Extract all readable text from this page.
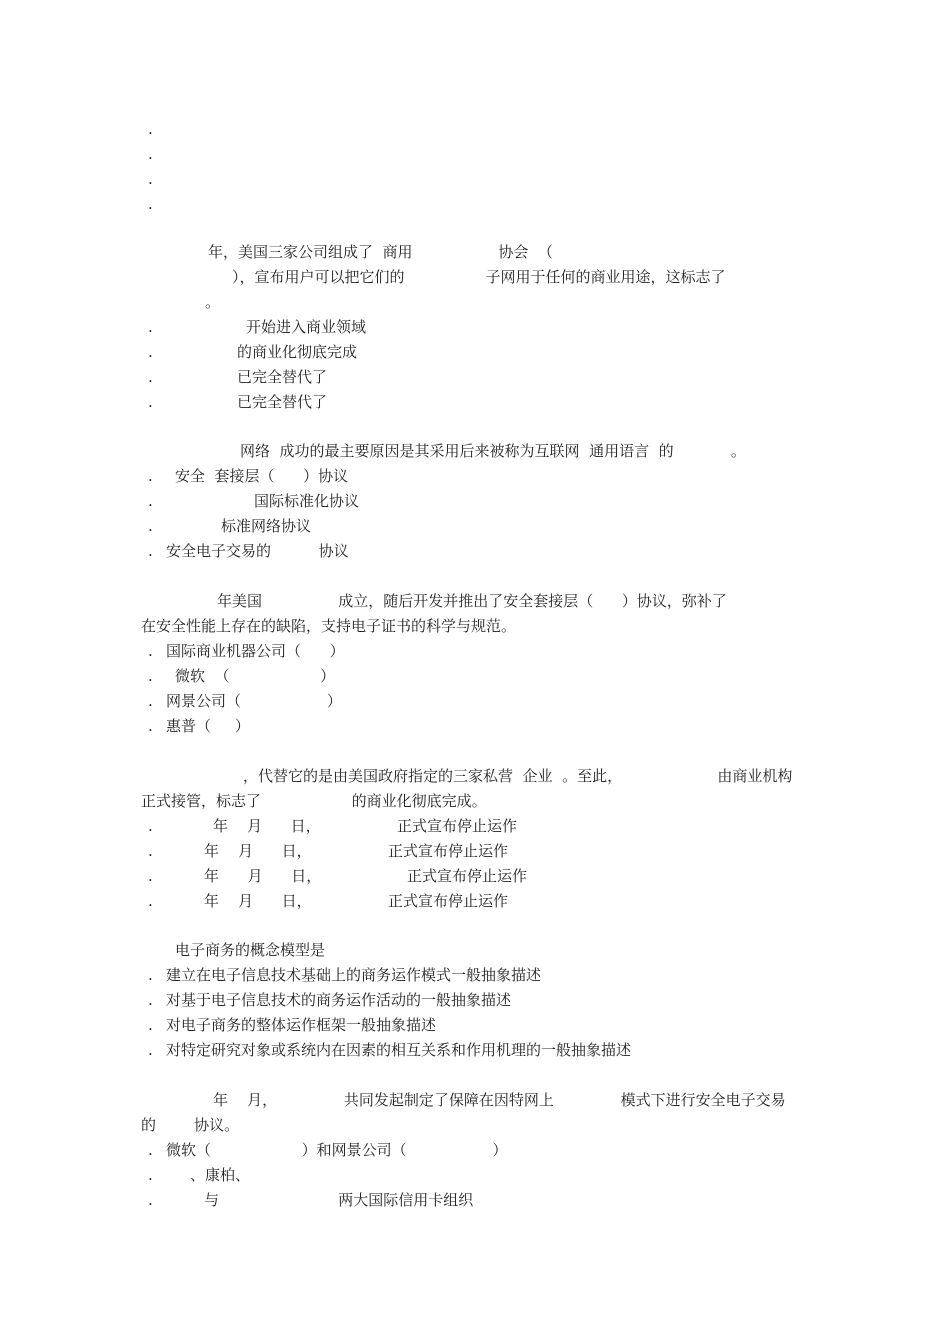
.
.
.
.
年，美国三家公司组成了  商用                  协会  （
），宣布用户可以把它们的                 子网用于任何的商业用途，这标志了
。
.	开始进入商业领域
.	的商业化彻底完成
.	已完全替代了
.	已完全替代了
网络  成功的最主要原因是其采用后来被称为互联网  通用语言  的            。
. 安全  套接层（      ）协议
.	国际标准化协议
.	标准网络协议
. 安全电子交易的          协议
年美国                成立，随后开发并推出了安全套接层（      ）协议，弥补了
在安全性能上存在的缺陷，支持电子证书的科学与规范。
. 国际商业机器公司（      ）
. 微软  （                   ）
. 网景公司（                  ）
. 惠普（     ）
，代替它的是由美国政府指定的三家私营  企业  。至此，                    由商业机构
正式接管，标志了                   的商业化彻底完成。
.	年    月      日，                正式宣布停止运作
.	年    月      日，                正式宣布停止运作
.	年      月      日，                  正式宣布停止运作
.	年    月      日，                正式宣布停止运作
电子商务的概念模型是
. 建立在电子信息技术基础上的商务运作模式一般抽象描述
. 对基于电子信息技术的商务运作活动的一般抽象描述
. 对电子商务的整体运作框架一般抽象描述
. 对特定研究对象或系统内在因素的相互关系和作用机理的一般抽象描述
年    月，              共同发起制定了保障在因特网上              模式下进行安全电子交易
的        协议。
. 微软（                   ）和网景公司（                  ）
. 、康柏、
.	与                         两大国际信用卡组织
